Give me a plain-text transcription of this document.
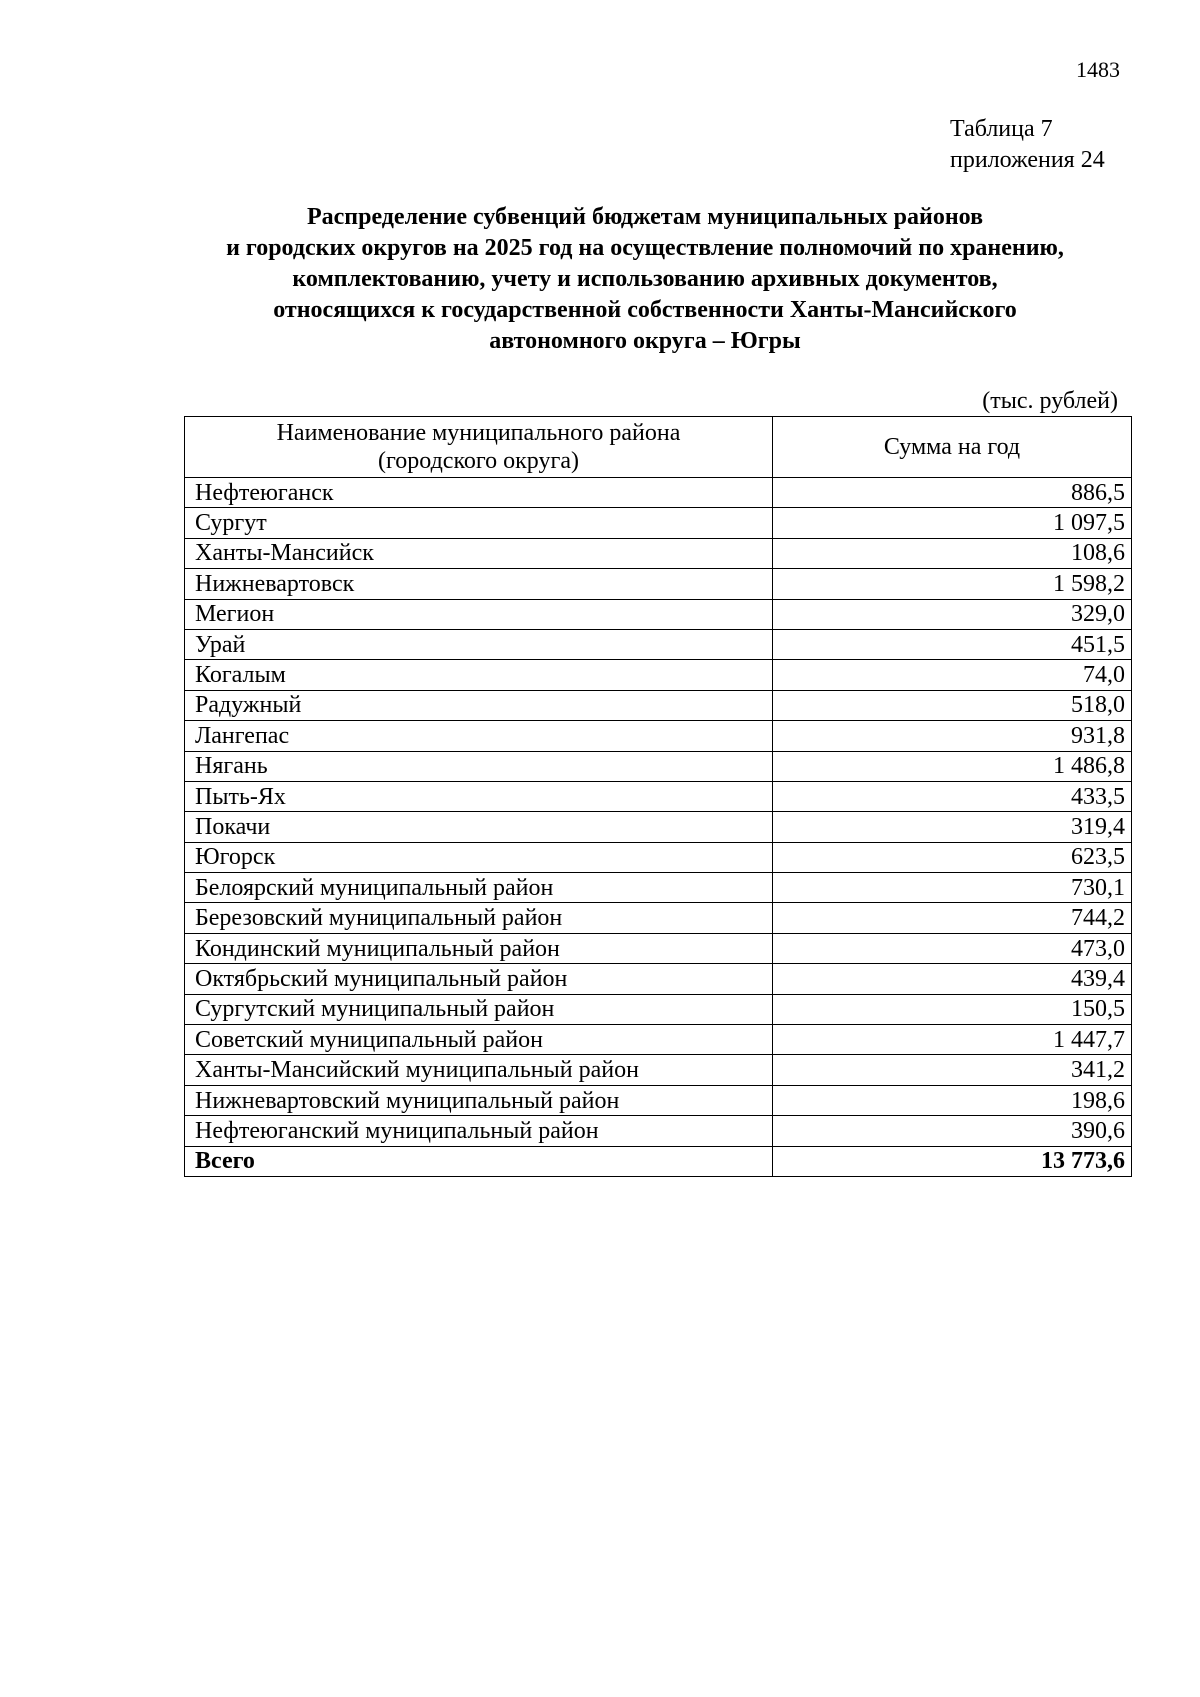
1483
Таблица 7
приложения 24
Распределение субвенций бюджетам муниципальных районов
и городских округов на 2025 год на осуществление полномочий по хранению,
комплектованию, учету и использованию архивных документов,
относящихся к государственной собственности Ханты-Мансийского
автономного округа – Югры
(тыс. рублей)
Наименование муниципального района
(городского округа)	Сумма на год
Нефтеюганск	886,5
Сургут	1 097,5
Ханты-Мансийск	108,6
Нижневартовск	1 598,2
Мегион	329,0
Урай	451,5
Когалым	74,0
Радужный	518,0
Лангепас	931,8
Нягань	1 486,8
Пыть-Ях	433,5
Покачи	319,4
Югорск	623,5
Белоярский муниципальный район	730,1
Березовский муниципальный район	744,2
Кондинский муниципальный район	473,0
Октябрьский муниципальный район	439,4
Сургутский муниципальный район	150,5
Советский муниципальный район	1 447,7
Ханты-Мансийский муниципальный район	341,2
Нижневартовский муниципальный район	198,6
Нефтеюганский муниципальный район	390,6
Всего	13 773,6
